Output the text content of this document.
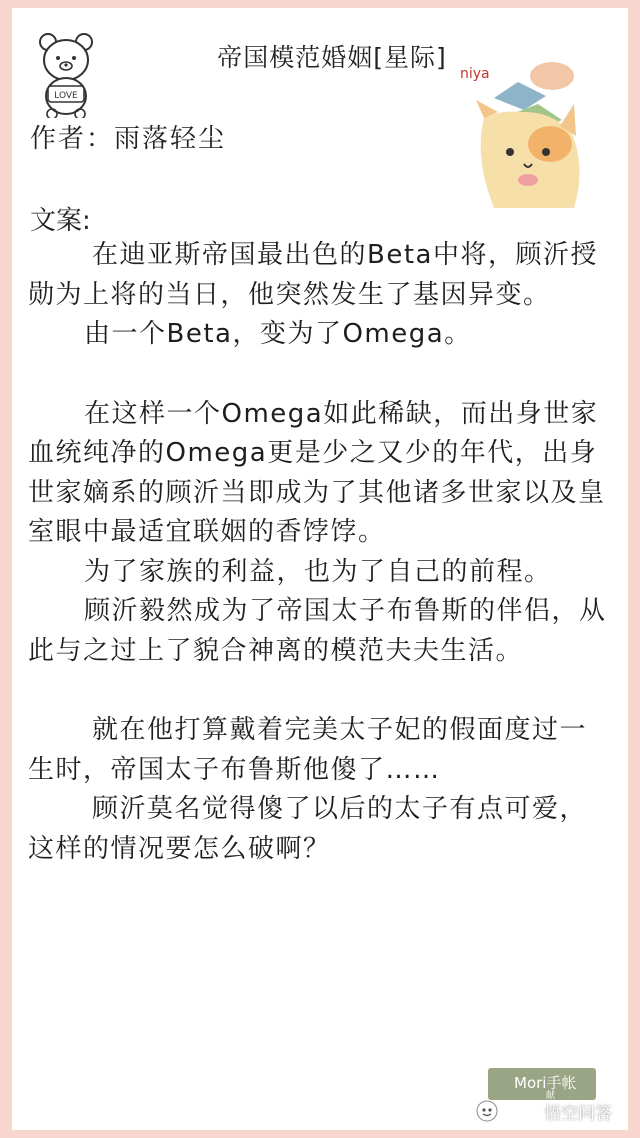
LOVE
帝国模范婚姻[星际]
作者：雨落轻尘
niya
文案:

在迪亚斯帝国最出色的Beta中将，顾沂授勋为上将的当日，他突然发生了基因异变。

由一个Beta，变为了Omega。

在这样一个Omega如此稀缺，而出身世家血统纯净的Omega更是少之又少的年代，出身世家嫡系的顾沂当即成为了其他诸多世家以及皇室眼中最适宜联姻的香饽饽。

为了家族的利益，也为了自己的前程。

顾沂毅然成为了帝国太子布鲁斯的伴侣，从此与之过上了貌合神离的模范夫夫生活。

就在他打算戴着完美太子妃的假面度过一生时，帝国太子布鲁斯他傻了……

顾沂莫名觉得傻了以后的太子有点可爱，这样的情况要怎么破啊？

Mori手帐
献
悟空问答
